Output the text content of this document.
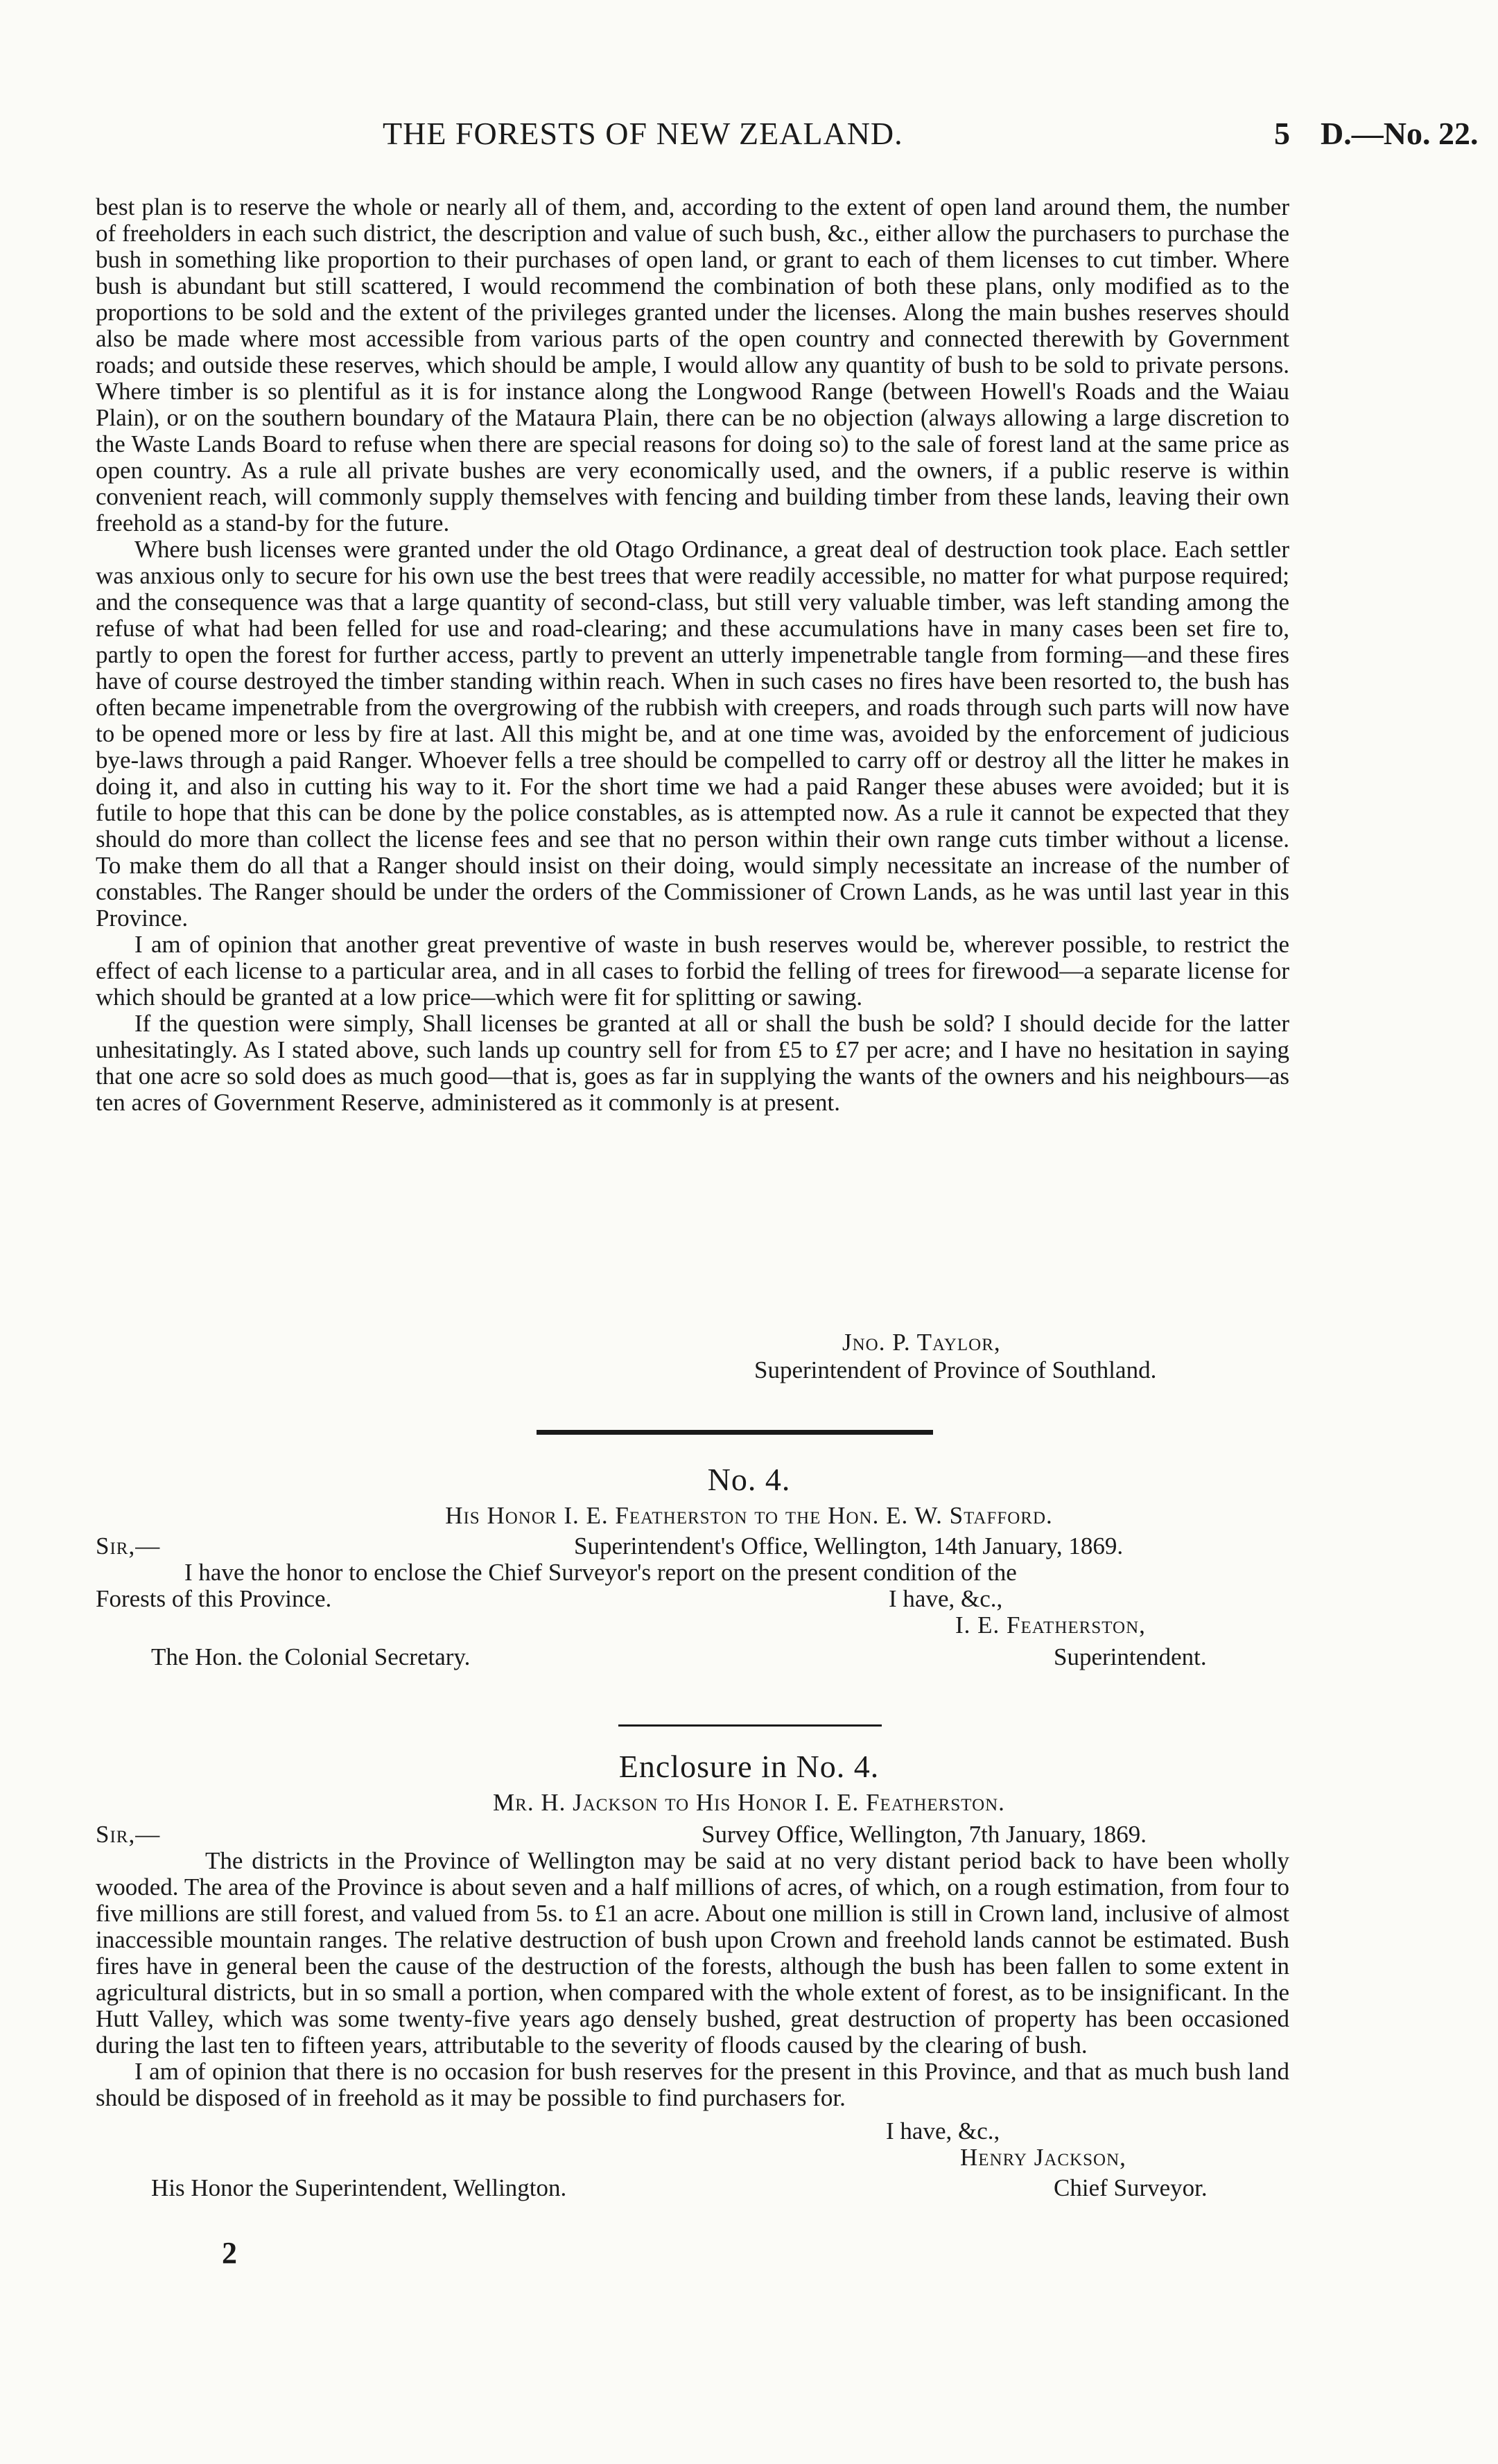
THE FORESTS OF NEW ZEALAND.	5 D.—No. 22.

best plan is to reserve the whole or nearly all of them, and, according to the extent of open land around them, the number of freeholders in each such district, the description and value of such bush, &c., either allow the purchasers to purchase the bush in something like proportion to their purchases of open land, or grant to each of them licenses to cut timber. Where bush is abundant but still scattered, I would recommend the combination of both these plans, only modified as to the proportions to be sold and the extent of the privileges granted under the licenses. Along the main bushes reserves should also be made where most accessible from various parts of the open country and connected therewith by Government roads; and outside these reserves, which should be ample, I would allow any quantity of bush to be sold to private persons. Where timber is so plentiful as it is for instance along the Longwood Range (between Howell's Roads and the Waiau Plain), or on the southern boundary of the Mataura Plain, there can be no objection (always allowing a large discretion to the Waste Lands Board to refuse when there are special reasons for doing so) to the sale of forest land at the same price as open country. As a rule all private bushes are very economically used, and the owners, if a public reserve is within convenient reach, will commonly supply themselves with fencing and building timber from these lands, leaving their own freehold as a stand-by for the future.

Where bush licenses were granted under the old Otago Ordinance, a great deal of destruction took place. Each settler was anxious only to secure for his own use the best trees that were readily accessible, no matter for what purpose required; and the consequence was that a large quantity of second-class, but still very valuable timber, was left standing among the refuse of what had been felled for use and road-clearing; and these accumulations have in many cases been set fire to, partly to open the forest for further access, partly to prevent an utterly impenetrable tangle from forming—and these fires have of course destroyed the timber standing within reach. When in such cases no fires have been resorted to, the bush has often became impenetrable from the overgrowing of the rubbish with creepers, and roads through such parts will now have to be opened more or less by fire at last. All this might be, and at one time was, avoided by the enforcement of judicious bye-laws through a paid Ranger. Whoever fells a tree should be compelled to carry off or destroy all the litter he makes in doing it, and also in cutting his way to it. For the short time we had a paid Ranger these abuses were avoided; but it is futile to hope that this can be done by the police constables, as is attempted now. As a rule it cannot be expected that they should do more than collect the license fees and see that no person within their own range cuts timber without a license. To make them do all that a Ranger should insist on their doing, would simply necessitate an increase of the number of constables. The Ranger should be under the orders of the Commissioner of Crown Lands, as he was until last year in this Province.

I am of opinion that another great preventive of waste in bush reserves would be, wherever possible, to restrict the effect of each license to a particular area, and in all cases to forbid the felling of trees for firewood—a separate license for which should be granted at a low price—which were fit for splitting or sawing.

If the question were simply, Shall licenses be granted at all or shall the bush be sold? I should decide for the latter unhesitatingly. As I stated above, such lands up country sell for from £5 to £7 per acre; and I have no hesitation in saying that one acre so sold does as much good—that is, goes as far in supplying the wants of the owners and his neighbours—as ten acres of Government Reserve, administered as it commonly is at present.

Jno. P. Taylor,
Superintendent of Province of Southland.
No. 4.
His Honor I. E. Featherston to the Hon. E. W. Stafford.
Sir,—	Superintendent's Office, Wellington, 14th January, 1869.
I have the honor to enclose the Chief Surveyor's report on the present condition of the
Forests of this Province.	I have, &c.,
I. E. Featherston,
The Hon. the Colonial Secretary.	Superintendent.
Enclosure in No. 4.
Mr. H. Jackson to His Honor I. E. Featherston.
Sir,—	Survey Office, Wellington, 7th January, 1869.

The districts in the Province of Wellington may be said at no very distant period back to have been wholly wooded. The area of the Province is about seven and a half millions of acres, of which, on a rough estimation, from four to five millions are still forest, and valued from 5s. to £1 an acre. About one million is still in Crown land, inclusive of almost inaccessible mountain ranges. The relative destruction of bush upon Crown and freehold lands cannot be estimated. Bush fires have in general been the cause of the destruction of the forests, although the bush has been fallen to some extent in agricultural districts, but in so small a portion, when compared with the whole extent of forest, as to be insignificant. In the Hutt Valley, which was some twenty-five years ago densely bushed, great destruction of property has been occasioned during the last ten to fifteen years, attributable to the severity of floods caused by the clearing of bush.

I am of opinion that there is no occasion for bush reserves for the present in this Province, and that as much bush land should be disposed of in freehold as it may be possible to find purchasers for.

I have, &c.,
Henry Jackson,
His Honor the Superintendent, Wellington.	Chief Surveyor.
2
